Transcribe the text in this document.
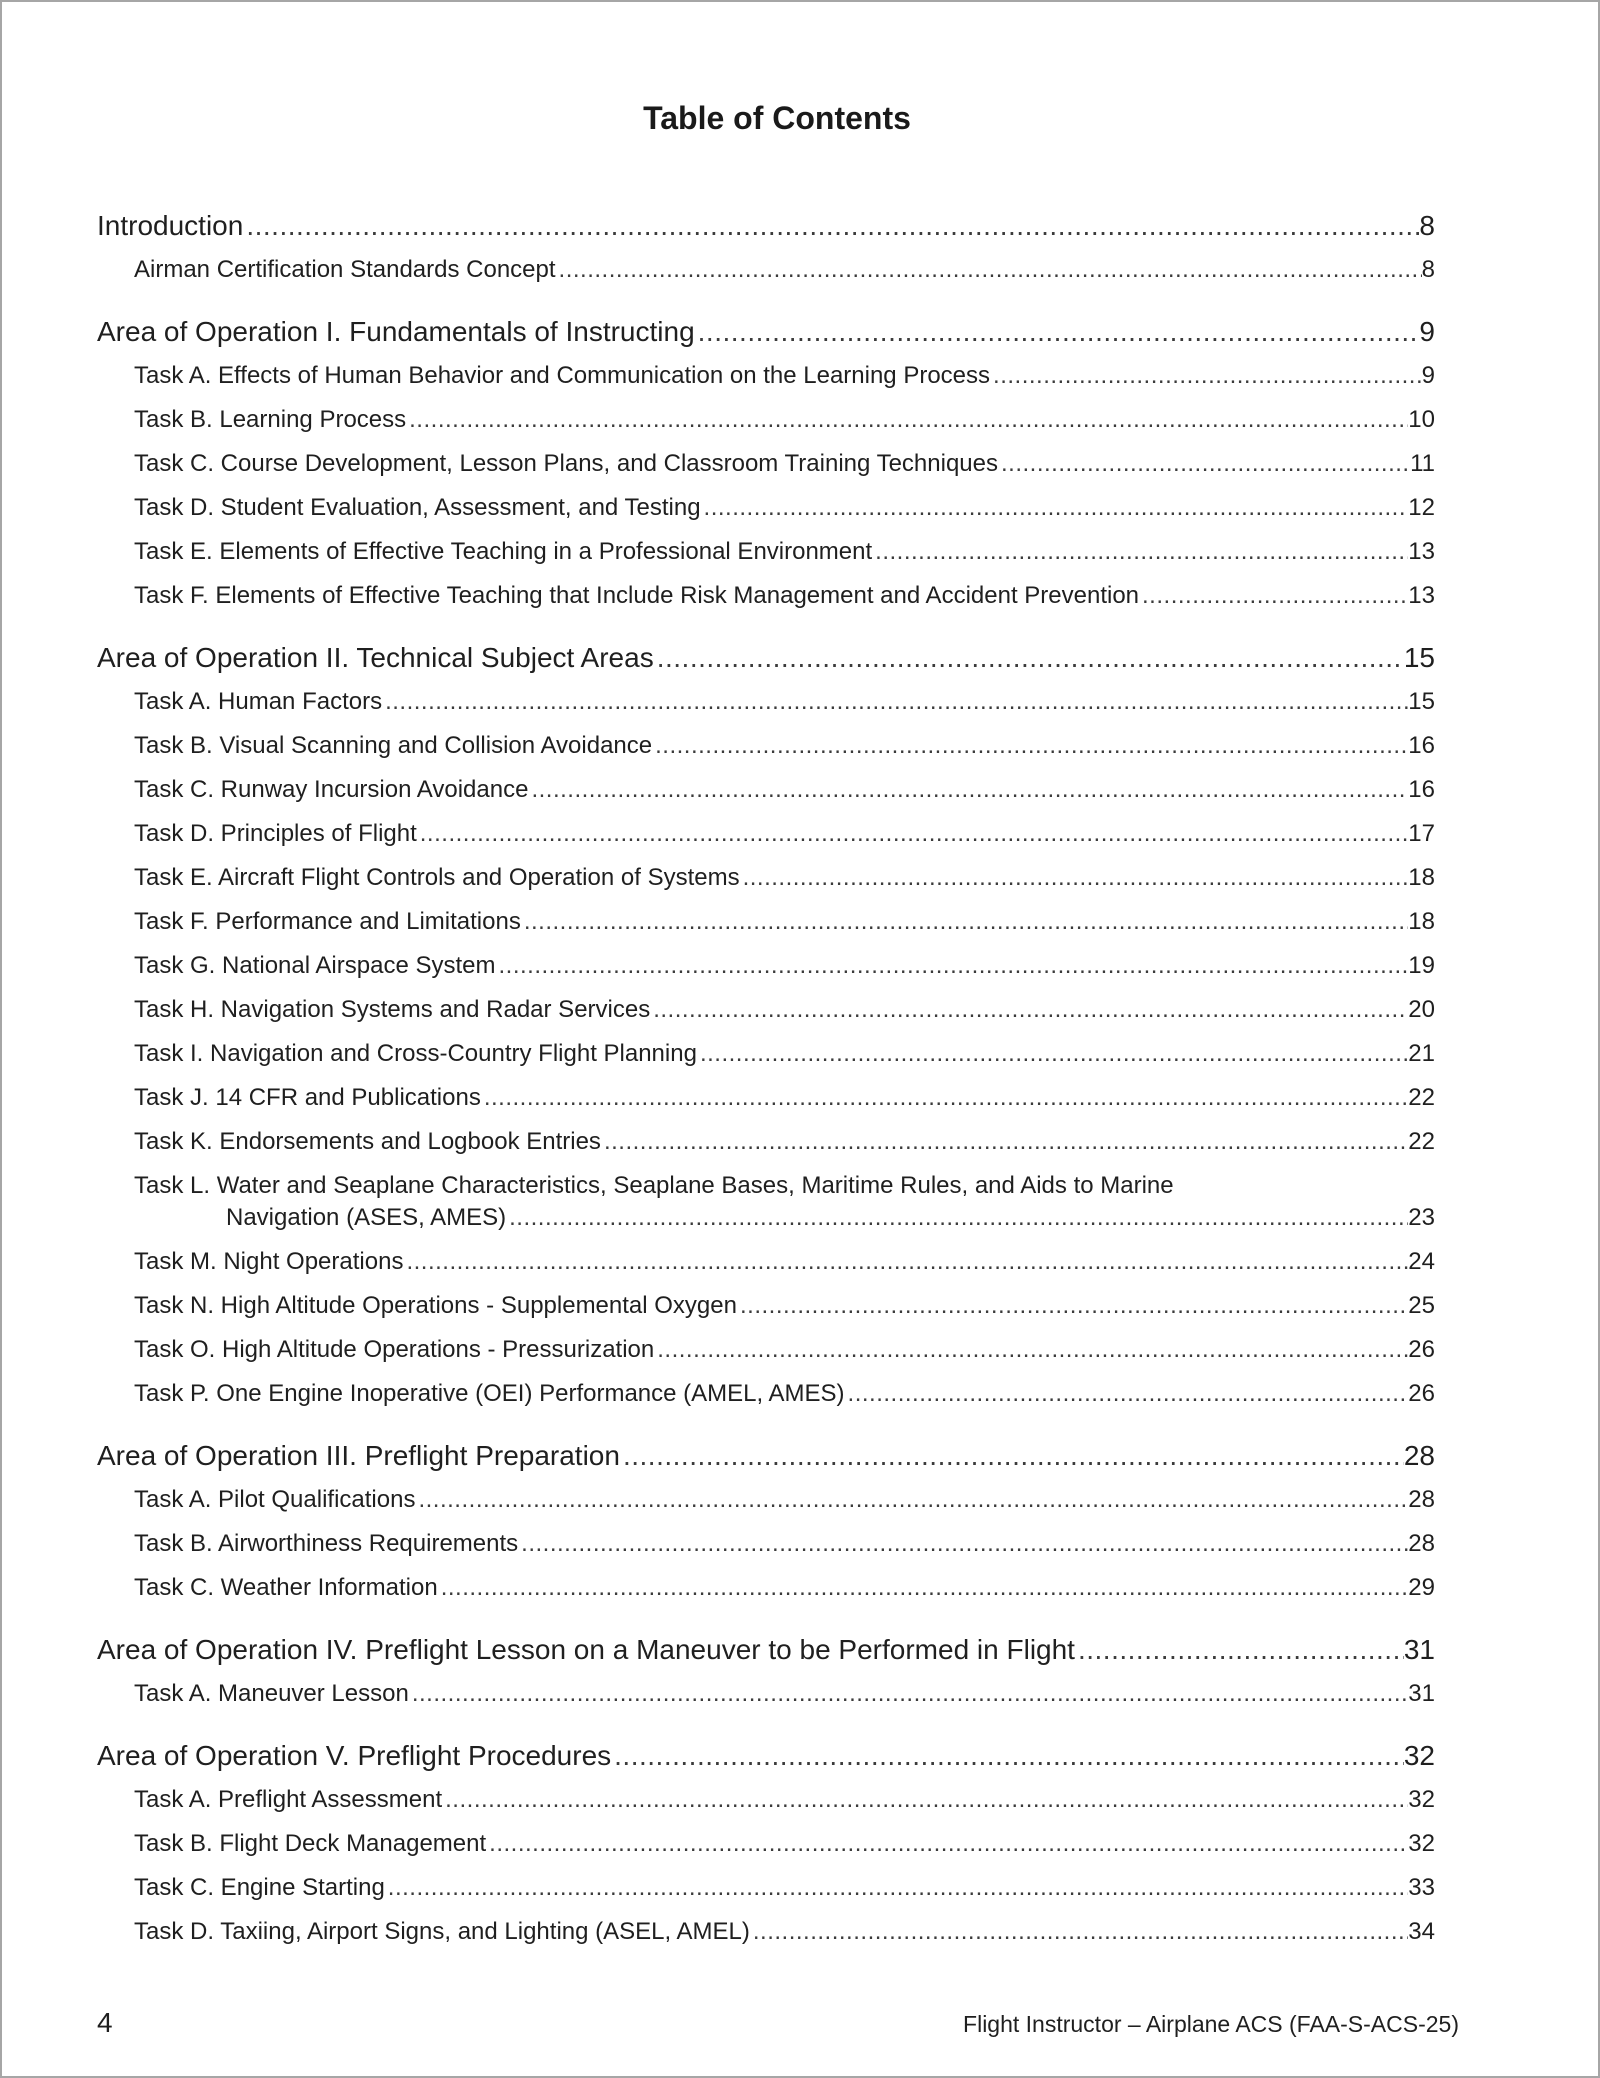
Table of Contents
Introduction .....	8
Airman Certification Standards Concept .....	8
Area of Operation I. Fundamentals of Instructing .....	9
Task A. Effects of Human Behavior and Communication on the Learning Process .....	9
Task B. Learning Process .....	10
Task C. Course Development, Lesson Plans, and Classroom Training Techniques .....	11
Task D. Student Evaluation, Assessment, and Testing .....	12
Task E. Elements of Effective Teaching in a Professional Environment .....	13
Task F. Elements of Effective Teaching that Include Risk Management and Accident Prevention .....	13
Area of Operation II. Technical Subject Areas .....	15
Task A. Human Factors .....	15
Task B. Visual Scanning and Collision Avoidance .....	16
Task C. Runway Incursion Avoidance .....	16
Task D. Principles of Flight .....	17
Task E. Aircraft Flight Controls and Operation of Systems .....	18
Task F. Performance and Limitations .....	18
Task G. National Airspace System .....	19
Task H. Navigation Systems and Radar Services .....	20
Task I. Navigation and Cross-Country Flight Planning .....	21
Task J. 14 CFR and Publications .....	22
Task K. Endorsements and Logbook Entries .....	22
Task L. Water and Seaplane Characteristics, Seaplane Bases, Maritime Rules, and Aids to Marine
Navigation (ASES, AMES) .....	23
Task M. Night Operations .....	24
Task N. High Altitude Operations - Supplemental Oxygen .....	25
Task O. High Altitude Operations - Pressurization .....	26
Task P. One Engine Inoperative (OEI) Performance (AMEL, AMES) .....	26
Area of Operation III. Preflight Preparation .....	28
Task A. Pilot Qualifications .....	28
Task B. Airworthiness Requirements .....	28
Task C. Weather Information .....	29
Area of Operation IV. Preflight Lesson on a Maneuver to be Performed in Flight .....	31
Task A. Maneuver Lesson .....	31
Area of Operation V. Preflight Procedures .....	32
Task A. Preflight Assessment .....	32
Task B. Flight Deck Management .....	32
Task C. Engine Starting .....	33
Task D. Taxiing, Airport Signs, and Lighting (ASEL, AMEL) .....	34
4	Flight Instructor – Airplane ACS (FAA-S-ACS-25)
